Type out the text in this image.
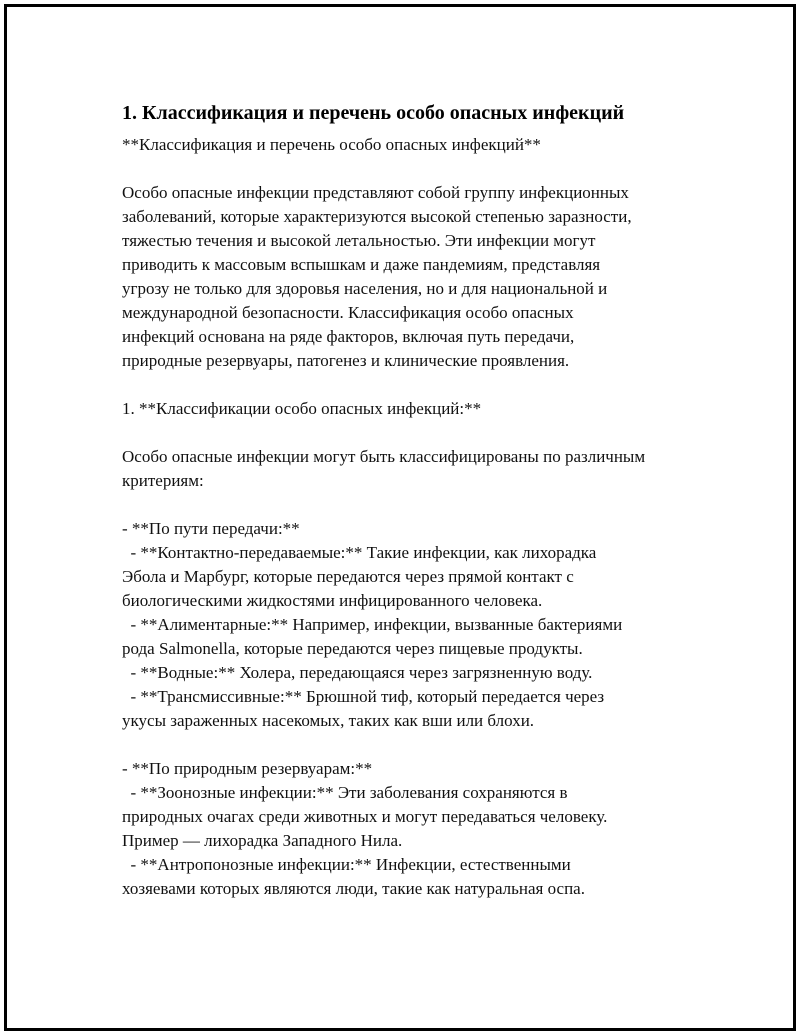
1. Классификация и перечень особо опасных инфекций

**Классификация и перечень особо опасных инфекций**

Особо опасные инфекции представляют собой группу инфекционных

заболеваний, которые характеризуются высокой степенью заразности,

тяжестью течения и высокой летальностью. Эти инфекции могут

приводить к массовым вспышкам и даже пандемиям, представляя

угрозу не только для здоровья населения, но и для национальной и

международной безопасности. Классификация особо опасных

инфекций основана на ряде факторов, включая путь передачи,

природные резервуары, патогенез и клинические проявления.

1. **Классификации особо опасных инфекций:**

Особо опасные инфекции могут быть классифицированы по различным

критериям:

- **По пути передачи:**

- **Контактно-передаваемые:** Такие инфекции, как лихорадка

Эбола и Марбург, которые передаются через прямой контакт с

биологическими жидкостями инфицированного человека.

- **Алиментарные:** Например, инфекции, вызванные бактериями

рода Salmonella, которые передаются через пищевые продукты.

- **Водные:** Холера, передающаяся через загрязненную воду.

- **Трансмиссивные:** Брюшной тиф, который передается через

укусы зараженных насекомых, таких как вши или блохи.

- **По природным резервуарам:**

- **Зоонозные инфекции:** Эти заболевания сохраняются в

природных очагах среди животных и могут передаваться человеку.

Пример — лихорадка Западного Нила.

- **Антропонозные инфекции:** Инфекции, естественными

хозяевами которых являются люди, такие как натуральная оспа.
